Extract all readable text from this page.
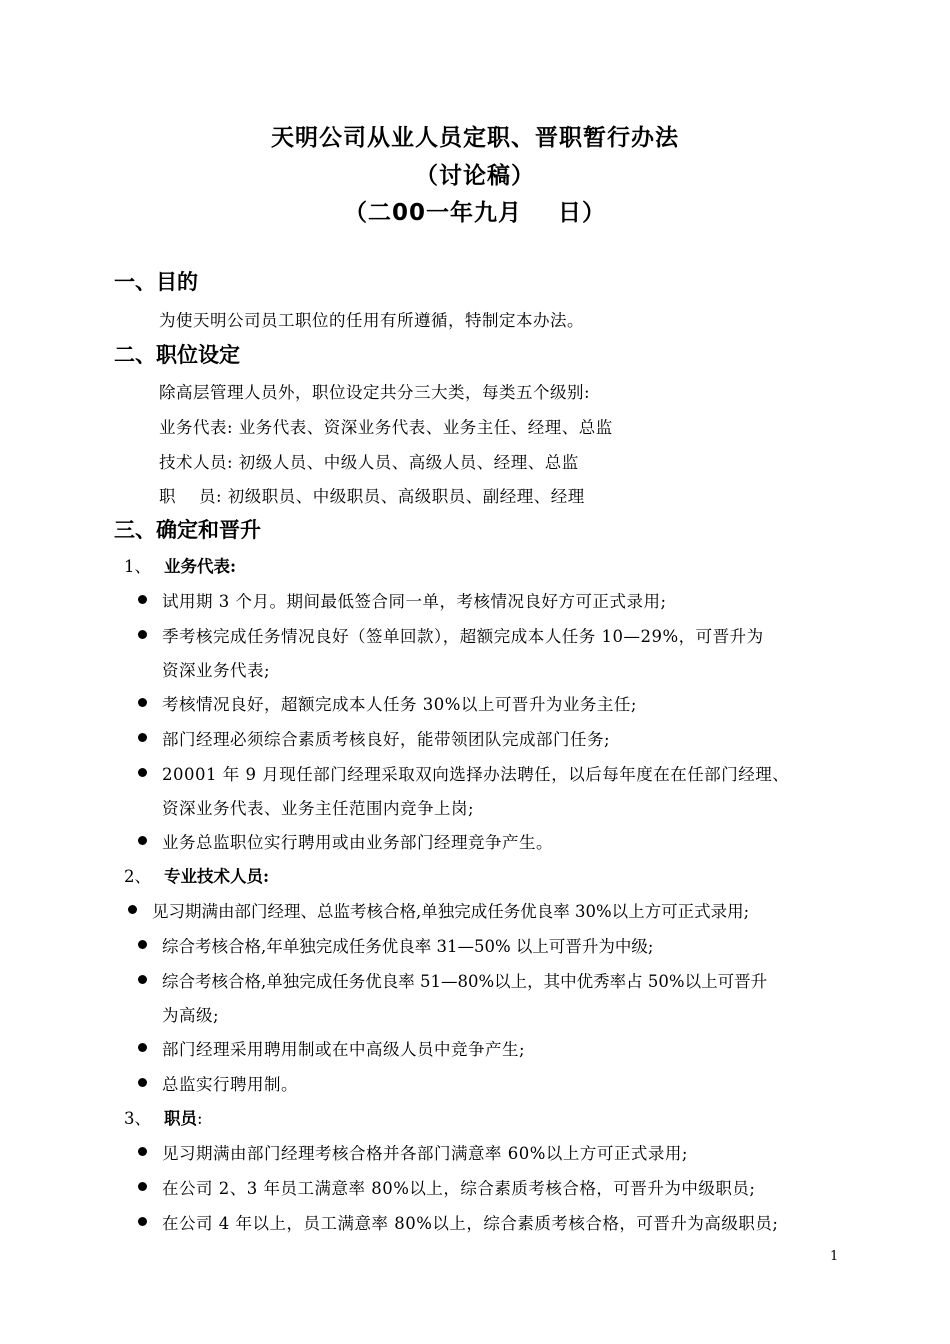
天明公司从业人员定职、晋职暂行办法
（讨论稿）
（二00一年九月    日）
一、目的
为使天明公司员工职位的任用有所遵循，特制定本办法。
二、职位设定
除高层管理人员外，职位设定共分三大类，每类五个级别:
业务代表: 业务代表、资深业务代表、业务主任、经理、总监
技术人员: 初级人员、中级人员、高级人员、经理、总监
职    员: 初级职员、中级职员、高级职员、副经理、经理
三、确定和晋升
1、 业务代表:
试用期 3 个月。期间最低签合同一单，考核情况良好方可正式录用;
季考核完成任务情况良好（签单回款），超额完成本人任务 10—29%，可晋升为
资深业务代表;
考核情况良好，超额完成本人任务 30%以上可晋升为业务主任;
部门经理必须综合素质考核良好，能带领团队完成部门任务;
20001 年 9 月现任部门经理采取双向选择办法聘任，以后每年度在在任部门经理、
资深业务代表、业务主任范围内竞争上岗;
业务总监职位实行聘用或由业务部门经理竞争产生。
2、 专业技术人员:
见习期满由部门经理、总监考核合格,单独完成任务优良率 30%以上方可正式录用;
综合考核合格,年单独完成任务优良率 31—50% 以上可晋升为中级;
综合考核合格,单独完成任务优良率 51—80%以上，其中优秀率占 50%以上可晋升
为高级;
部门经理采用聘用制或在中高级人员中竞争产生;
总监实行聘用制。
3、 职员:
见习期满由部门经理考核合格并各部门满意率 60%以上方可正式录用;
在公司 2、3 年员工满意率 80%以上，综合素质考核合格，可晋升为中级职员;
在公司 4 年以上，员工满意率 80%以上，综合素质考核合格，可晋升为高级职员;
1
